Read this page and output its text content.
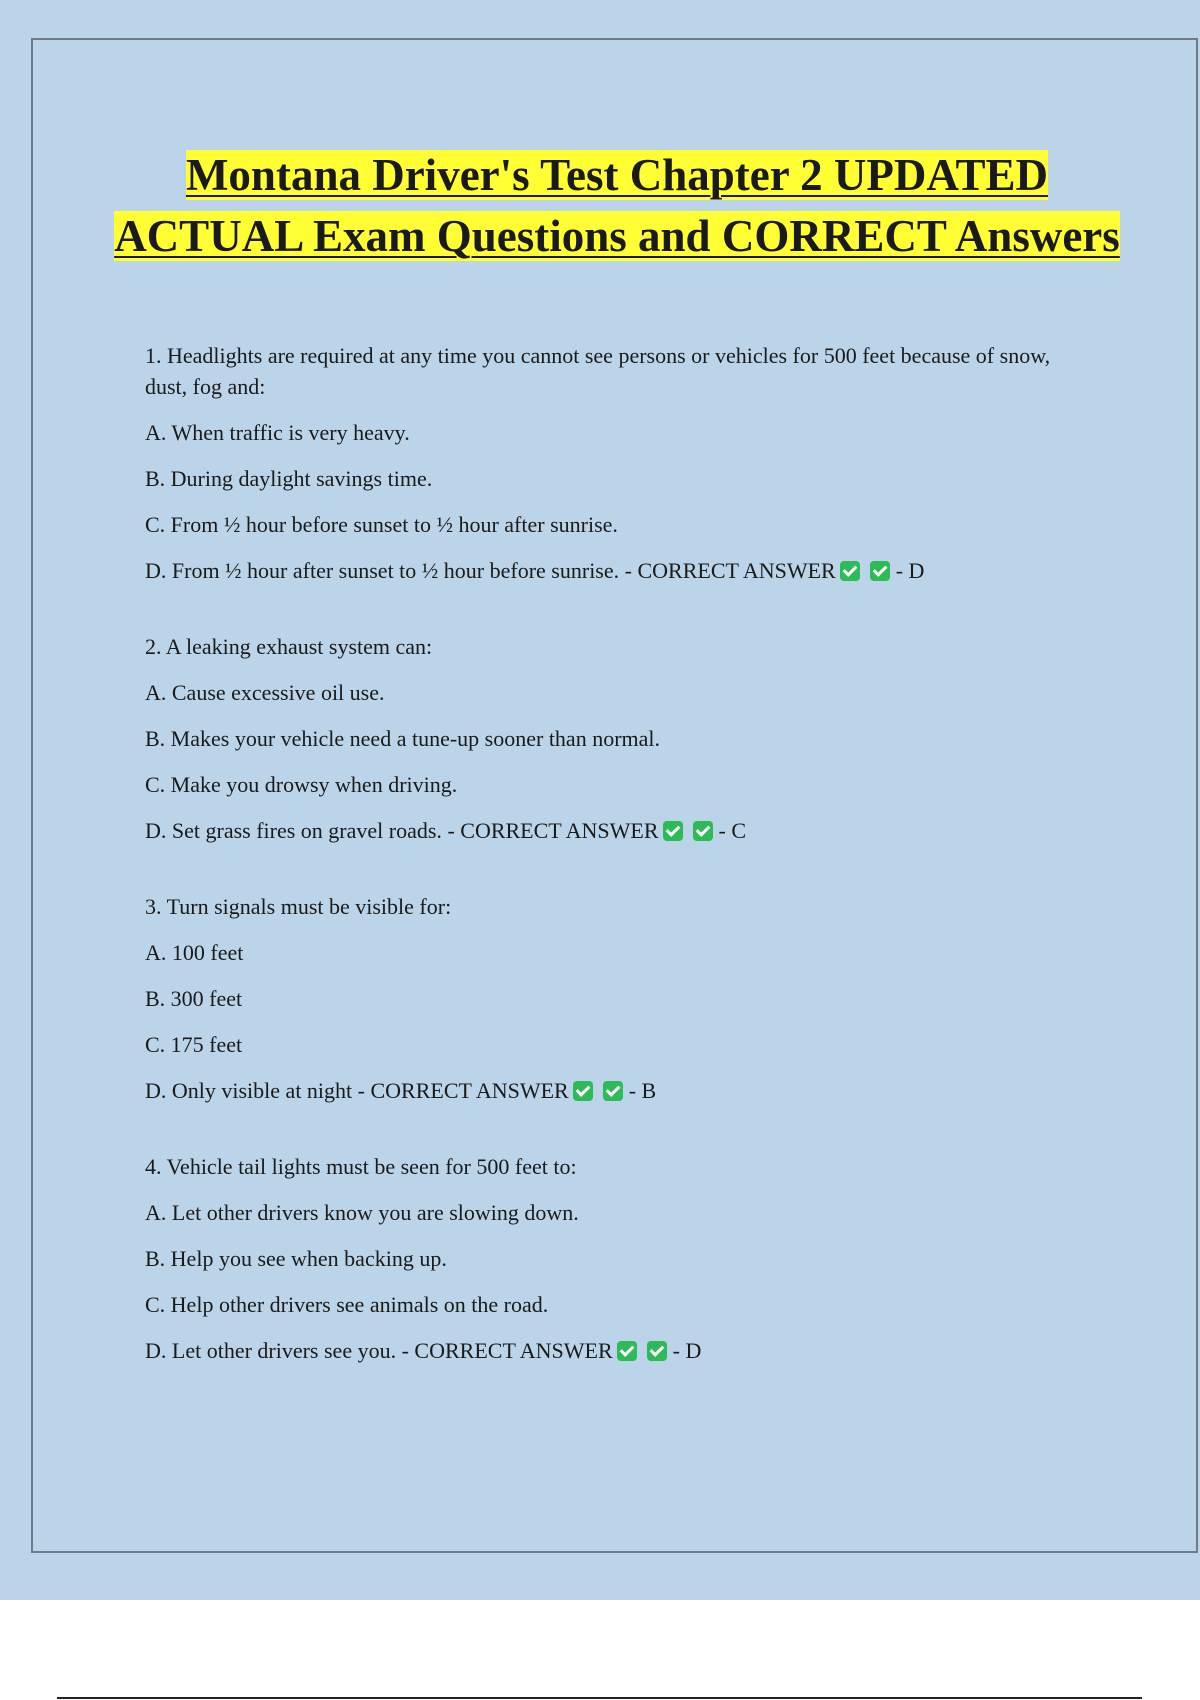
Montana Driver's Test Chapter 2 UPDATED ACTUAL Exam Questions and CORRECT Answers

1. Headlights are required at any time you cannot see persons or vehicles for 500 feet because of snow, dust, fog and:

A. When traffic is very heavy.

B. During daylight savings time.

C. From ½ hour before sunset to ½ hour after sunrise.

D. From ½ hour after sunset to ½ hour before sunrise. - CORRECT ANSWER	- D

2. A leaking exhaust system can:

A. Cause excessive oil use.

B. Makes your vehicle need a tune-up sooner than normal.

C. Make you drowsy when driving.

D. Set grass fires on gravel roads. - CORRECT ANSWER	- C

3. Turn signals must be visible for:

A. 100 feet

B. 300 feet

C. 175 feet

D. Only visible at night - CORRECT ANSWER	- B

4. Vehicle tail lights must be seen for 500 feet to:

A. Let other drivers know you are slowing down.

B. Help you see when backing up.

C. Help other drivers see animals on the road.

D. Let other drivers see you. - CORRECT ANSWER	- D
